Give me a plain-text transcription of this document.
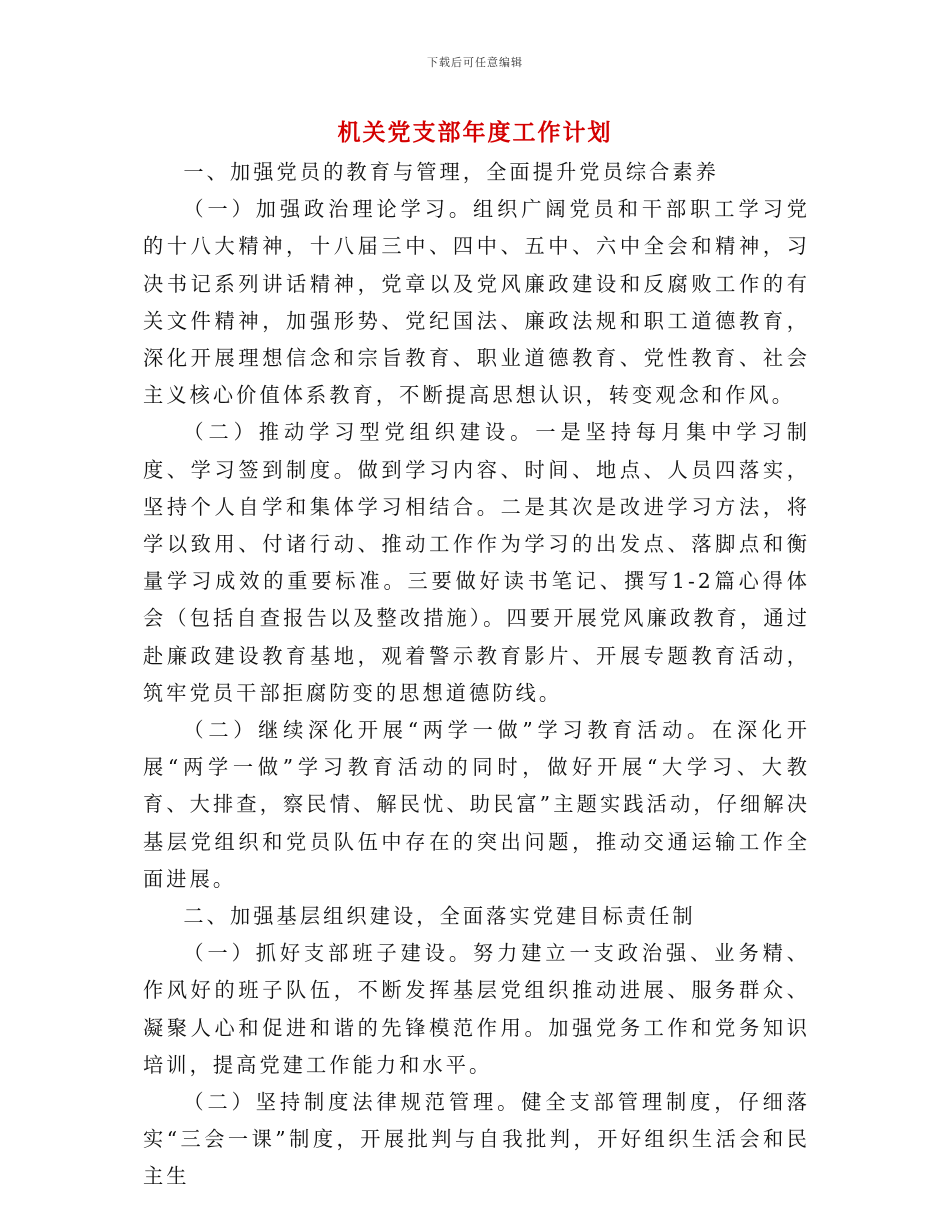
下载后可任意编辑
机关党支部年度工作计划

一、加强党员的教育与管理，全面提升党员综合素养

（一）加强政治理论学习。组织广阔党员和干部职工学习党的十八大精神，十八届三中、四中、五中、六中全会和精神，习决书记系列讲话精神，党章以及党风廉政建设和反腐败工作的有关文件精神，加强形势、党纪国法、廉政法规和职工道德教育，深化开展理想信念和宗旨教育、职业道德教育、党性教育、社会主义核心价值体系教育，不断提高思想认识，转变观念和作风。

（二）推动学习型党组织建设。一是坚持每月集中学习制度、学习签到制度。做到学习内容、时间、地点、人员四落实，坚持个人自学和集体学习相结合。二是其次是改进学习方法，将学以致用、付诸行动、推动工作作为学习的出发点、落脚点和衡量学习成效的重要标准。三要做好读书笔记、撰写1-2篇心得体会（包括自查报告以及整改措施）。四要开展党风廉政教育，通过赴廉政建设教育基地，观着警示教育影片、开展专题教育活动，筑牢党员干部拒腐防变的思想道德防线。

（二）继续深化开展“两学一做”学习教育活动。在深化开展“两学一做”学习教育活动的同时，做好开展“大学习、大教育、大排查，察民情、解民忧、助民富”主题实践活动，仔细解决基层党组织和党员队伍中存在的突出问题，推动交通运输工作全面进展。

二、加强基层组织建设，全面落实党建目标责任制

（一）抓好支部班子建设。努力建立一支政治强、业务精、作风好的班子队伍，不断发挥基层党组织推动进展、服务群众、凝聚人心和促进和谐的先锋模范作用。加强党务工作和党务知识培训，提高党建工作能力和水平。

（二）坚持制度法律规范管理。健全支部管理制度，仔细落实“三会一课”制度，开展批判与自我批判，开好组织生活会和民主生
